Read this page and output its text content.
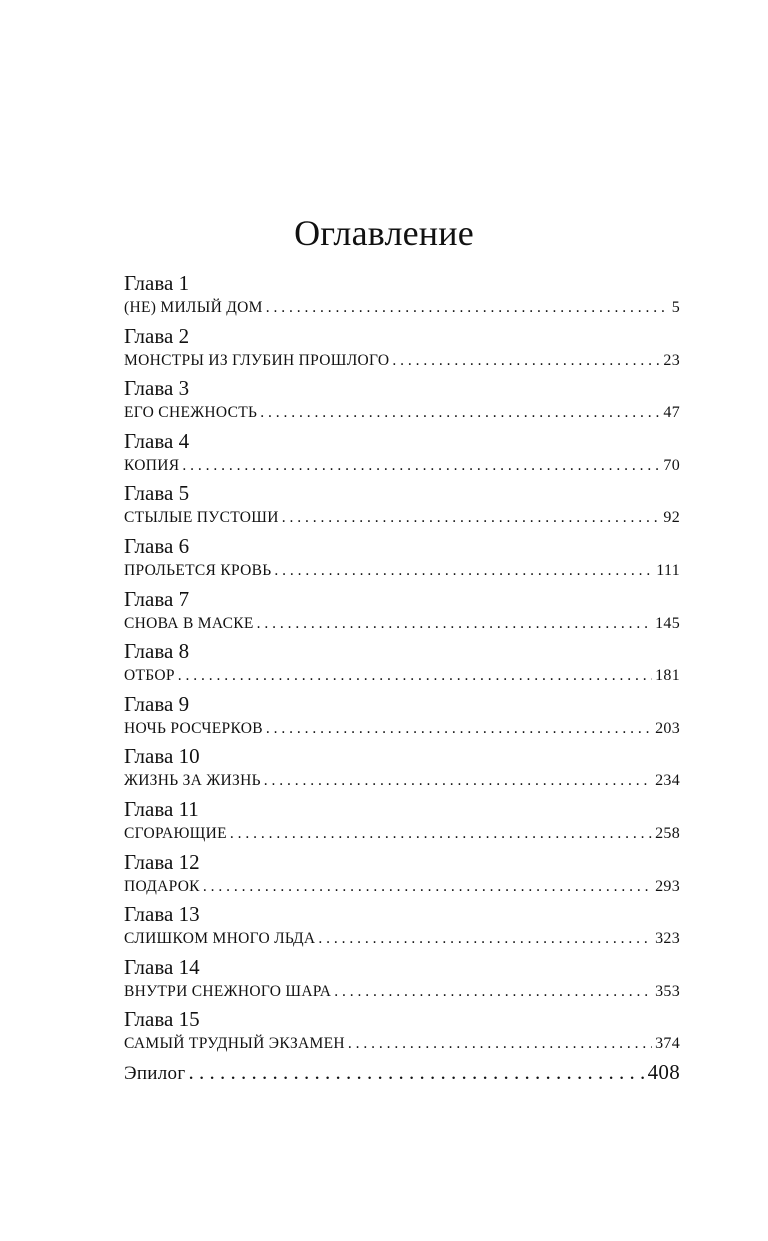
Оглавление
Глава 1
(НЕ) МИЛЫЙ ДОМ . . .	5
Глава 2
МОНСТРЫ ИЗ ГЛУБИН ПРОШЛОГО . . .	23
Глава 3
ЕГО СНЕЖНОСТЬ . . .	47
Глава 4
КОПИЯ . . .	70
Глава 5
СТЫЛЫЕ ПУСТОШИ . . .	92
Глава 6
ПРОЛЬЕТСЯ КРОВЬ . . .	111
Глава 7
СНОВА В МАСКЕ . . .	145
Глава 8
ОТБОР . . .	181
Глава 9
НОЧЬ РОСЧЕРКОВ . . .	203
Глава 10
ЖИЗНЬ ЗА ЖИЗНЬ . . .	234
Глава 11
СГОРАЮЩИЕ . . .	258
Глава 12
ПОДАРОК . . .	293
Глава 13
СЛИШКОМ МНОГО ЛЬДА . . .	323
Глава 14
ВНУТРИ СНЕЖНОГО ШАРА . . .	353
Глава 15
САМЫЙ ТРУДНЫЙ ЭКЗАМЕН . . .	374
Эпилог . . .	408
